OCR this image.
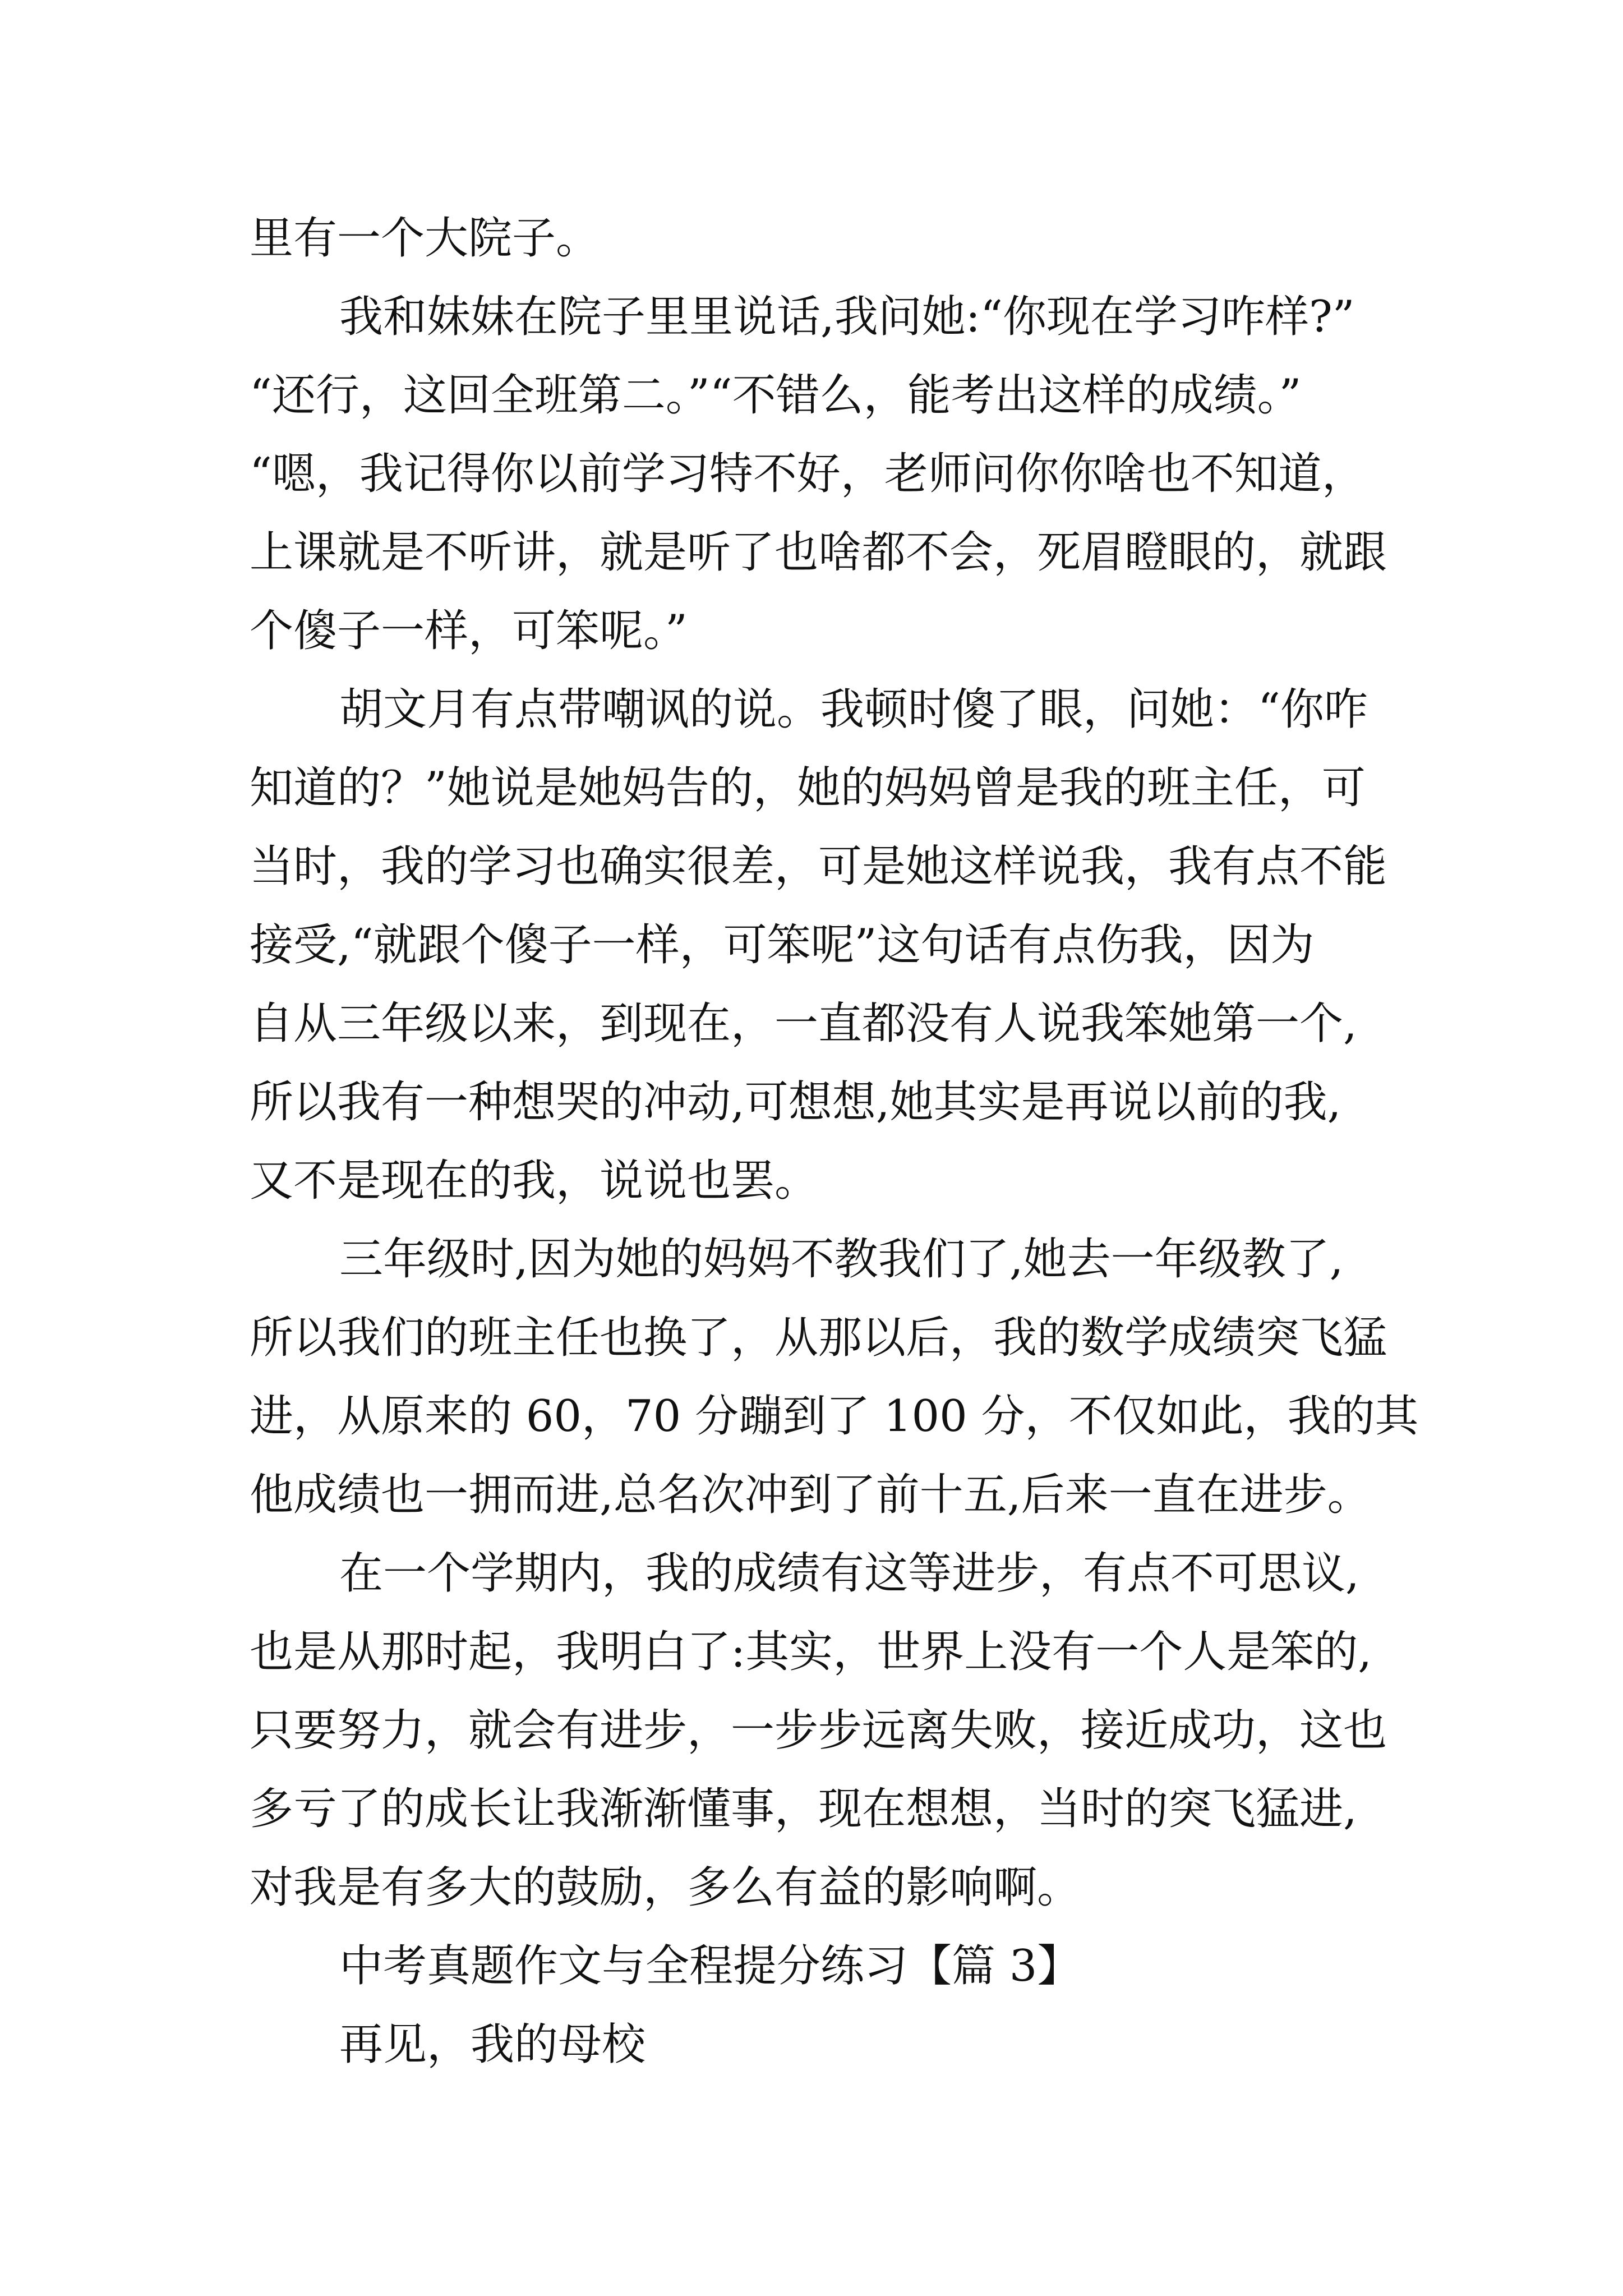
里有一个大院子。
我和妹妹在院子里里说话,我问她:“你现在学习咋样?”
“还行，这回全班第二。”“不错么，能考出这样的成绩。”
“嗯，我记得你以前学习特不好，老师问你你啥也不知道，
上课就是不听讲，就是听了也啥都不会，死眉瞪眼的，就跟
个傻子一样，可笨呢。”
胡文月有点带嘲讽的说。我顿时傻了眼，问她：“你咋
知道的？”她说是她妈告的，她的妈妈曾是我的班主任，可
当时，我的学习也确实很差，可是她这样说我，我有点不能
接受,“就跟个傻子一样，可笨呢”这句话有点伤我，因为
自从三年级以来，到现在，一直都没有人说我笨她第一个,
所以我有一种想哭的冲动,可想想,她其实是再说以前的我,
又不是现在的我，说说也罢。
三年级时,因为她的妈妈不教我们了,她去一年级教了,
所以我们的班主任也换了，从那以后，我的数学成绩突飞猛
进，从原来的 60，70 分蹦到了 100 分，不仅如此，我的其
他成绩也一拥而进,总名次冲到了前十五,后来一直在进步。
在一个学期内，我的成绩有这等进步，有点不可思议,
也是从那时起，我明白了:其实，世界上没有一个人是笨的,
只要努力，就会有进步，一步步远离失败，接近成功，这也
多亏了的成长让我渐渐懂事，现在想想，当时的突飞猛进,
对我是有多大的鼓励，多么有益的影响啊。
中考真题作文与全程提分练习【篇 3】
再见，我的母校
